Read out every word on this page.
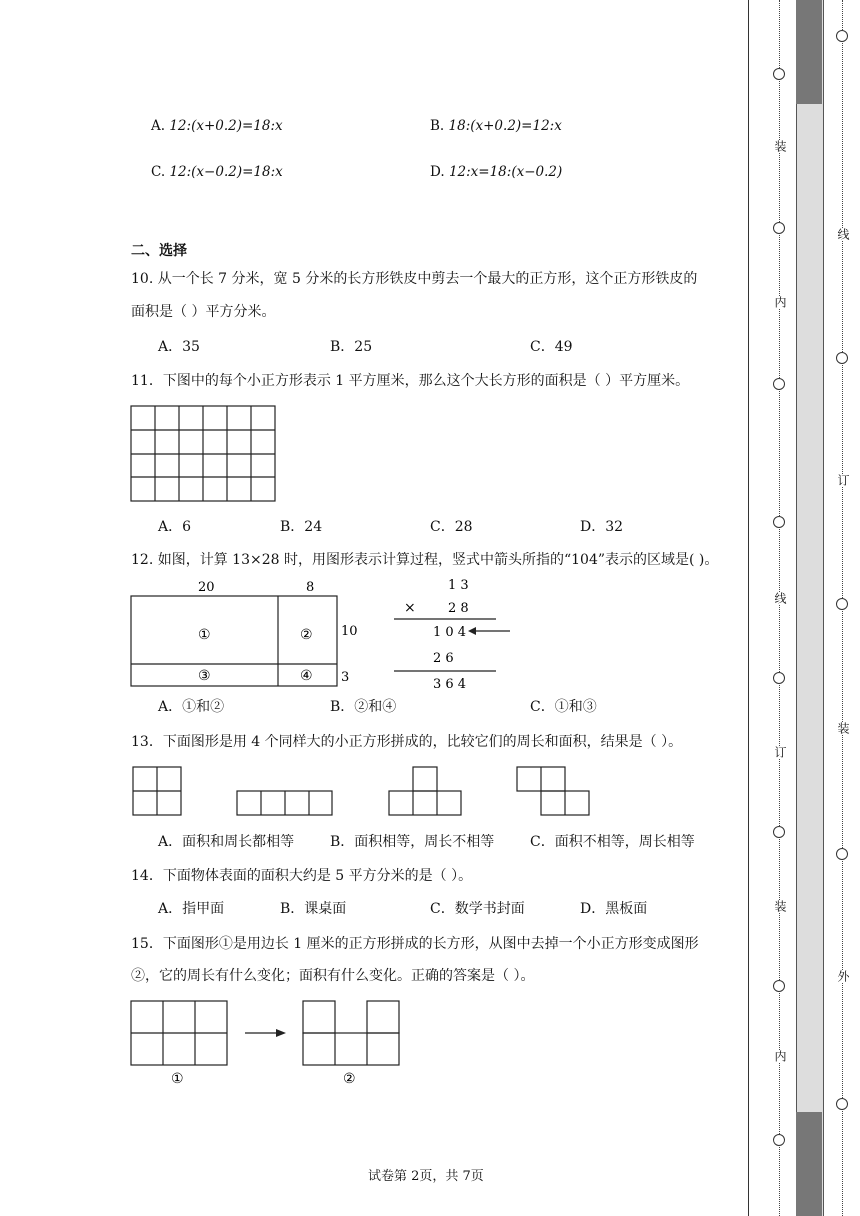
A. 12:(x+0.2)=18:x	B. 18:(x+0.2)=12:x
C. 12:(x−0.2)=18:x	D. 12:x=18:(x−0.2)
二、选择
10. 从一个长 7 分米，宽 5 分米的长方形铁皮中剪去一个最大的正方形，这个正方形铁皮的
面积是（ ）平方分米。
A．35	B．25	C．49
11．下图中的每个小正方形表示 1 平方厘米，那么这个大长方形的面积是（ ）平方厘米。
A．6	B．24	C．28	D．32
12. 如图，计算 13×28 时，用图形表示计算过程，竖式中箭头所指的“104”表示的区域是( )。
20	8
10
3
①	②
③	④
1 3
× 2 8
1 0 4
2 6
3 6 4
A．①和②	B．②和④	C．①和③
13．下面图形是用 4 个同样大的小正方形拼成的，比较它们的周长和面积，结果是（ ）。
A．面积和周长都相等	B．面积相等，周长不相等	C．面积不相等，周长相等
14．下面物体表面的面积大约是 5 平方分米的是（ ）。
A．指甲面	B．课桌面	C．数学书封面	D．黑板面
15．下面图形①是用边长 1 厘米的正方形拼成的长方形，从图中去掉一个小正方形变成图形
②，它的周长有什么变化；面积有什么变化。正确的答案是（ ）。
①	②
试卷第 2页，共 7页
装
内
线
订
装
内
线
订
装
外
